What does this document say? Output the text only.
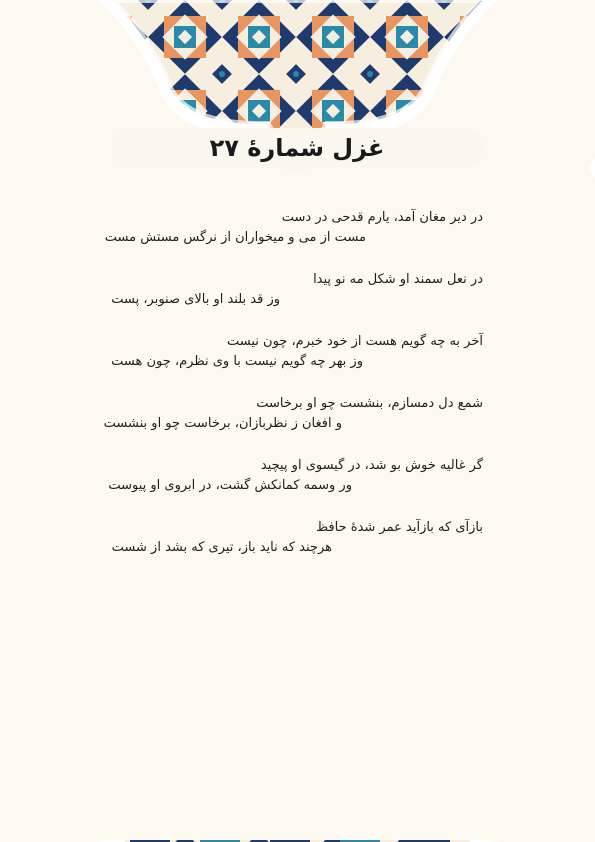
غزل شمارهٔ ۲۷
در دیر مغان آمد، یارم قدحی در دست
مست از می و میخواران از نرگس مستش مست
در نعل سمند او شکل مه نو پیدا
وز قد بلند او بالای صنوبر، پست
آخر به چه گویم هست از خود خبرم، چون نیست
وز بهر چه گویم نیست با وی نظرم، چون هست
شمع دل دمسازم، بنشست چو او برخاست
و افغان ز نظربازان، برخاست چو او بنشست
گر غالیه خوش بو شد، در گیسوی او پیچید
ور وسمه کمانکش گشت، در ابروی او پیوست
بازآی که بازآید عمر شدهٔ حافظ
هرچند که ناید باز، تیری که بشد از شست
